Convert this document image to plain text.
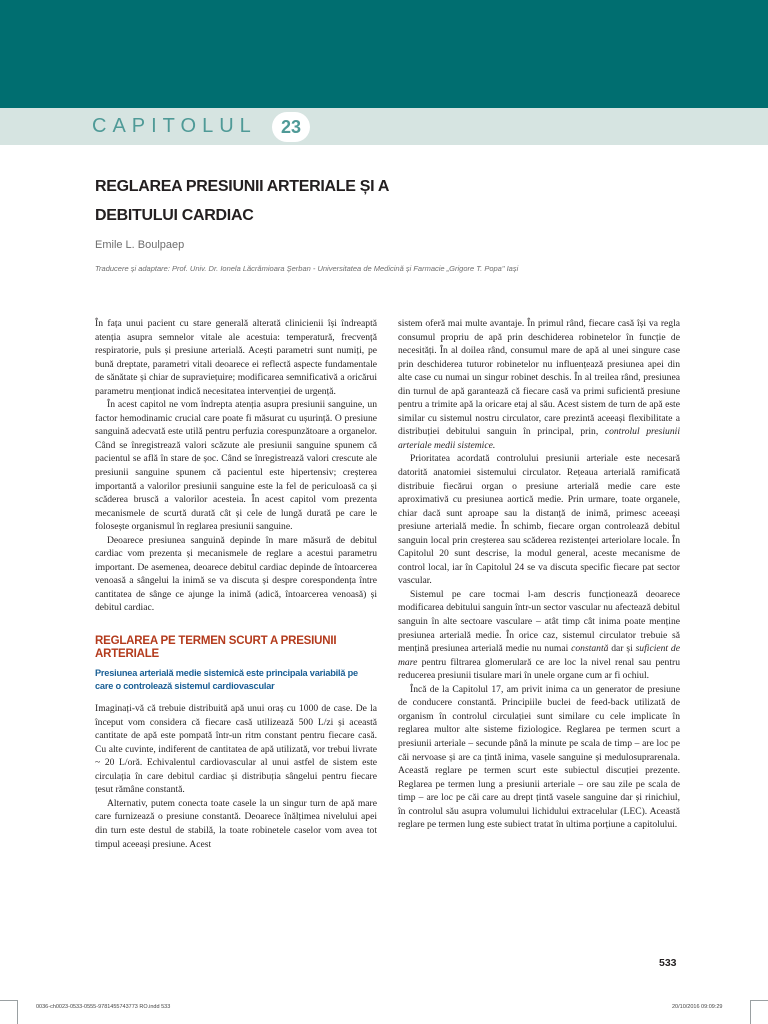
CAPITOLUL	23
REGLAREA PRESIUNII ARTERIALE ȘI A
DEBITULUI CARDIAC
Emile L. Boulpaep
Traducere și adaptare: Prof. Univ. Dr. Ionela Lăcrămioara Șerban - Universitatea de Medicină și Farmacie „Grigore T. Popa" Iași

În fața unui pacient cu stare generală alterată clinicienii își îndreaptă atenția asupra semnelor vitale ale acestuia: temperatură, frecvență respiratorie, puls și presiune arterială. Acești parametri sunt numiți, pe bună dreptate, parametri vitali deoarece ei reflectă aspecte fundamentale de sănătate și chiar de supraviețuire; modificarea semnificativă a oricărui parametru menționat indică necesitatea intervenției de urgență.

În acest capitol ne vom îndrepta atenția asupra presiunii sanguine, un factor hemodinamic crucial care poate fi măsurat cu ușurință. O presiune sanguină adecvată este utilă pentru perfuzia corespunzătoare a organelor. Când se înregistrează valori scăzute ale presiunii sanguine spunem că pacientul se află în stare de șoc. Când se înregistrează valori crescute ale presiunii sanguine spunem că pacientul este hipertensiv; creșterea importantă a valorilor presiunii sanguine este la fel de periculoasă ca și scăderea bruscă a valorilor acesteia. În acest capitol vom prezenta mecanismele de scurtă durată cât și cele de lungă durată pe care le folosește organismul în reglarea presiunii sanguine.

Deoarece presiunea sanguină depinde în mare măsură de debitul cardiac vom prezenta și mecanismele de reglare a acestui parametru important. De asemenea, deoarece debitul cardiac depinde de întoarcerea venoasă a sângelui la inimă se va discuta și despre corespondența între cantitatea de sânge ce ajunge la inimă (adică, întoarcerea venoasă) și debitul cardiac.

REGLAREA PE TERMEN SCURT A PRESIUNII ARTERIALE
Presiunea arterială medie sistemică este principala variabilă pe care o controlează sistemul cardiovascular

Imaginați-vă că trebuie distribuită apă unui oraș cu 1000 de case. De la început vom considera că fiecare casă utilizează 500 L/zi și această cantitate de apă este pompată într-un ritm constant pentru fiecare casă. Cu alte cuvinte, indiferent de cantitatea de apă utilizată, vor trebui livrate ~ 20 L/oră. Echivalentul cardiovascular al unui astfel de sistem este circulația în care debitul cardiac și distribuția sângelui pentru fiecare țesut rămâne constantă.

Alternativ, putem conecta toate casele la un singur turn de apă mare care furnizează o presiune constantă. Deoarece înălțimea nivelului apei din turn este destul de stabilă, la toate robinetele caselor vom avea tot timpul aceeași presiune. Acest

sistem oferă mai multe avantaje. În primul rând, fiecare casă își va regla consumul propriu de apă prin deschiderea robinetelor în funcție de necesități. În al doilea rând, consumul mare de apă al unei singure case prin deschiderea tuturor robinetelor nu influențează presiunea apei din alte case cu numai un singur robinet deschis. În al treilea rând, presiunea din turnul de apă garantează că fiecare casă va primi suficientă presiune pentru a trimite apă la oricare etaj al său. Acest sistem de turn de apă este similar cu sistemul nostru circulator, care prezintă aceeași flexibilitate a distribuției debitului sanguin în principal, prin, controlul presiunii arteriale medii sistemice.

Prioritatea acordată controlului presiunii arteriale este necesară datorită anatomiei sistemului circulator. Rețeaua arterială ramificată distribuie fiecărui organ o presiune arterială medie care este aproximativă cu presiunea aortică medie. Prin urmare, toate organele, chiar dacă sunt aproape sau la distanță de inimă, primesc aceeași presiune arterială medie. În schimb, fiecare organ controlează debitul sanguin local prin creșterea sau scăderea rezistenței arteriolare locale. În Capitolul 20 sunt descrise, la modul general, aceste mecanisme de control local, iar în Capitolul 24 se va discuta specific fiecare pat sector vascular.

Sistemul pe care tocmai l-am descris funcționează deoarece modificarea debitului sanguin într-un sector vascular nu afectează debitul sanguin în alte sectoare vasculare – atât timp cât inima poate menține presiunea arterială medie. În orice caz, sistemul circulator trebuie să mențină presiunea arterială medie nu numai constantă dar și suficient de mare pentru filtrarea glomerulară ce are loc la nivel renal sau pentru reducerea presiunii tisulare mari în unele organe cum ar fi ochiul.

Încă de la Capitolul 17, am privit inima ca un generator de presiune de conducere constantă. Principiile buclei de feed-back utilizată de organism în controlul circulației sunt similare cu cele implicate în reglarea multor alte sisteme fiziologice. Reglarea pe termen scurt a presiunii arteriale – secunde până la minute pe scala de timp – are loc pe căi nervoase și are ca țintă inima, vasele sanguine și medulosuprarenala. Această reglare pe termen scurt este subiectul discuției prezente. Reglarea pe termen lung a presiunii arteriale – ore sau zile pe scala de timp – are loc pe căi care au drept țintă vasele sanguine dar și rinichiul, în controlul său asupra volumului lichidului extracelular (LEC). Această reglare pe termen lung este subiect tratat în ultima porțiune a capitolului.

533
0036-ch0023-0533-0555-9781455743773 RO.indd 533	20/10/2016 09:09:29
